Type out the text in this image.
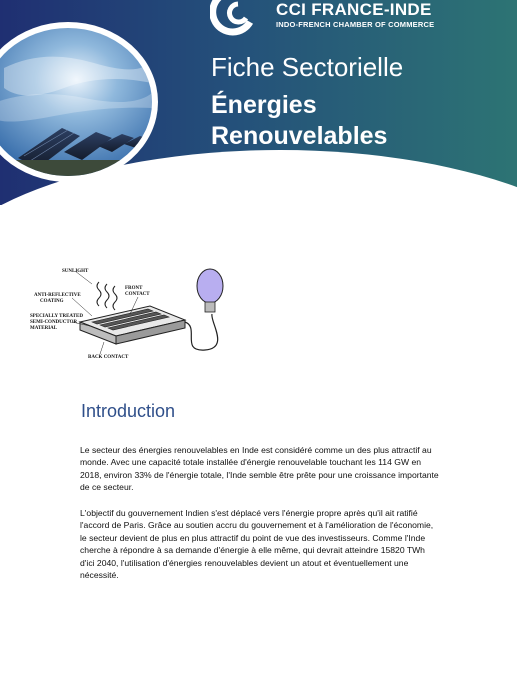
CCI FRANCE-INDE
INDO-FRENCH CHAMBER OF COMMERCE
Fiche Sectorielle
Énergies
Renouvelables
SUNLIGHT
ANTI-REFLECTIVE
COATING
FRONT
CONTACT
SPECIALLY TREATED
SEMI-CONDUCTOR
MATERIAL
BACK CONTACT
Introduction

Le secteur des énergies renouvelables en Inde est considéré comme un des plus attractif au monde. Avec une capacité totale installée d'énergie renouvelable touchant les 114 GW en 2018, environ 33% de l'énergie totale, l'Inde semble être prête pour une croissance importante de ce secteur.

L'objectif du gouvernement Indien s'est déplacé vers l'énergie propre après qu'il ait ratifié l'accord de Paris. Grâce au soutien accru du gouvernement et à l'amélioration de l'économie, le secteur devient de plus en plus attractif du point de vue des investisseurs. Comme l'Inde cherche à répondre à sa demande d'énergie à elle même, qui devrait atteindre 15820 TWh d'ici 2040, l'utilisation d'énergies renouvelables devient un atout et éventuellement une nécessité.
